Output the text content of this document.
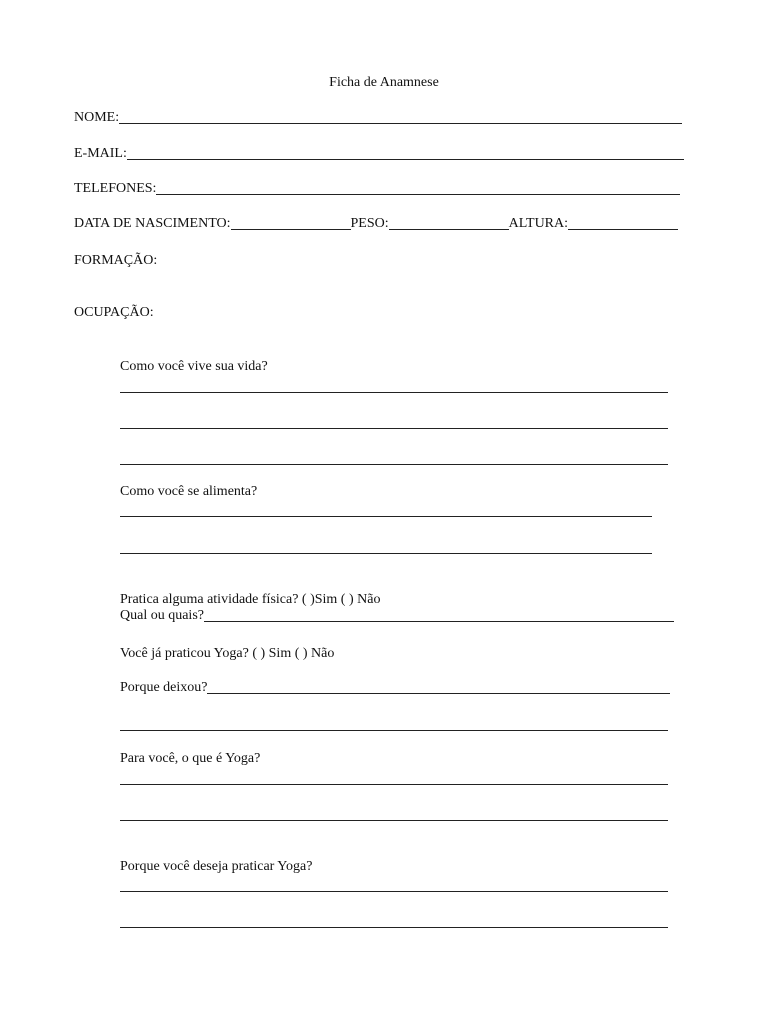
Ficha de Anamnese
NOME:
E-MAIL:
TELEFONES:
DATA DE NASCIMENTO:	PESO:	ALTURA:
FORMAÇÃO:
OCUPAÇÃO:
Como você vive sua vida?
Como você se alimenta?
Pratica alguma atividade física? ( )Sim ( ) Não
Qual ou quais?
Você já praticou Yoga? ( ) Sim ( ) Não
Porque deixou?
Para você, o que é Yoga?
Porque você deseja praticar Yoga?
